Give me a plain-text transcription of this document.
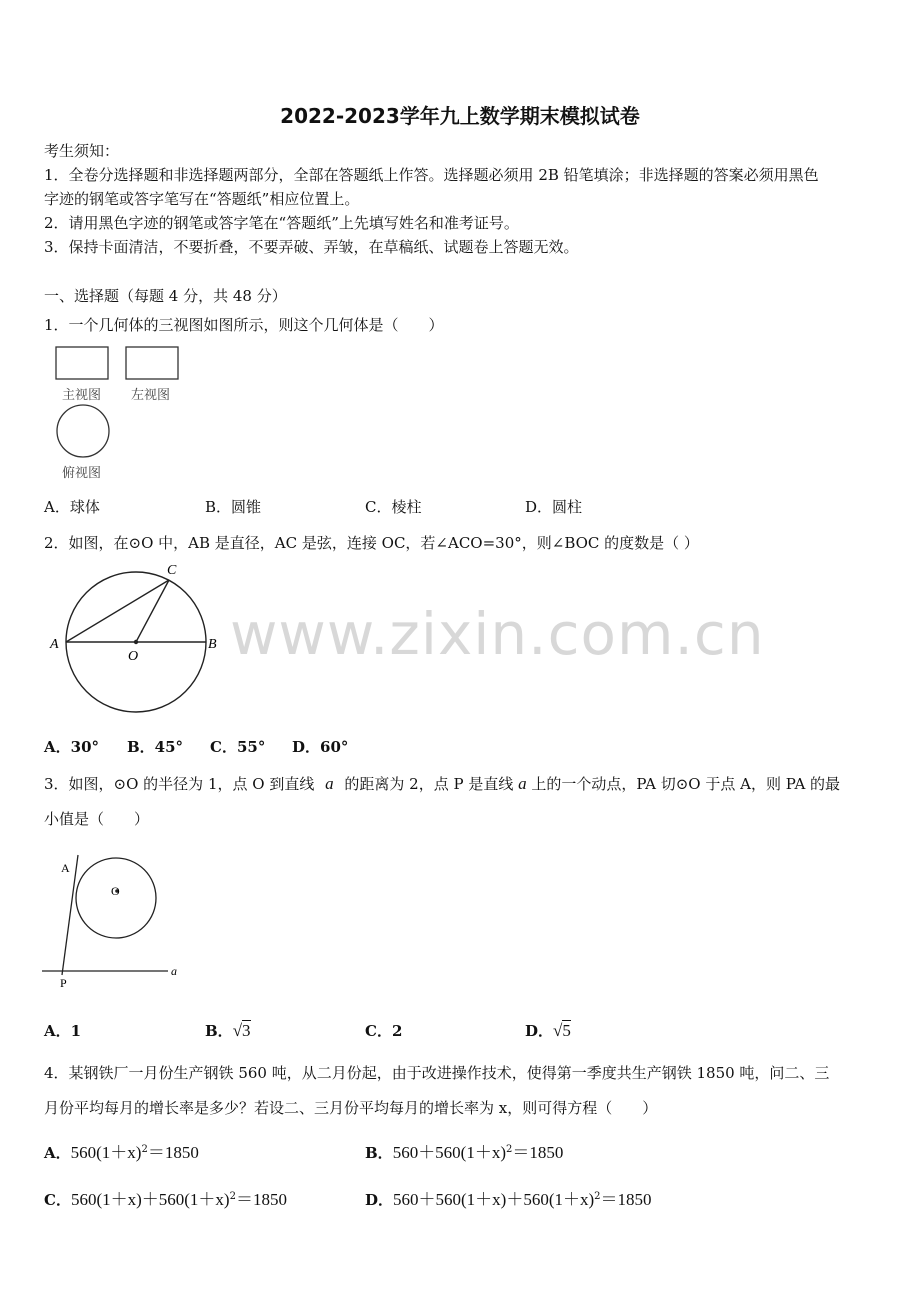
2022-2023学年九上数学期末模拟试卷
考生须知：
1．全卷分选择题和非选择题两部分，全部在答题纸上作答。选择题必须用 2B 铅笔填涂；非选择题的答案必须用黑色
字迹的钢笔或答字笔写在“答题纸”相应位置上。
2．请用黑色字迹的钢笔或答字笔在“答题纸”上先填写姓名和准考证号。
3．保持卡面清洁，不要折叠，不要弄破、弄皱，在草稿纸、试题卷上答题无效。
一、选择题（每题 4 分，共 48 分）
1．一个几何体的三视图如图所示，则这个几何体是（　　）
主视图 左视图
俯视图
A．球体	B．圆锥	C．棱柱	D．圆柱
2．如图，在⊙O 中，AB 是直径，AC 是弦，连接 OC，若∠ACO=30°，则∠BOC 的度数是（ ）
A	B
C
O www.zixin.com.cn
A．30° B．45° C．55° D．60°
3．如图，⊙O 的半径为 1，点 O 到直线 a 的距离为 2，点 P 是直线 a 上的一个动点，PA 切⊙O 于点 A，则 PA 的最
小值是（　　）
A
O
P
a
A．1	B．√3	C．2	D．√5
4．某钢铁厂一月份生产钢铁 560 吨，从二月份起，由于改进操作技术，使得第一季度共生产钢铁 1850 吨，问二、三
月份平均每月的增长率是多少？若设二、三月份平均每月的增长率为 x，则可得方程（　　）
A．$560(1+x)^2=1850$	B．$560+560(1+x)^2=1850$
C．$560(1+x)+560(1+x)^2=1850$	D．$560+560(1+x)+560(1+x)^2=1850$
